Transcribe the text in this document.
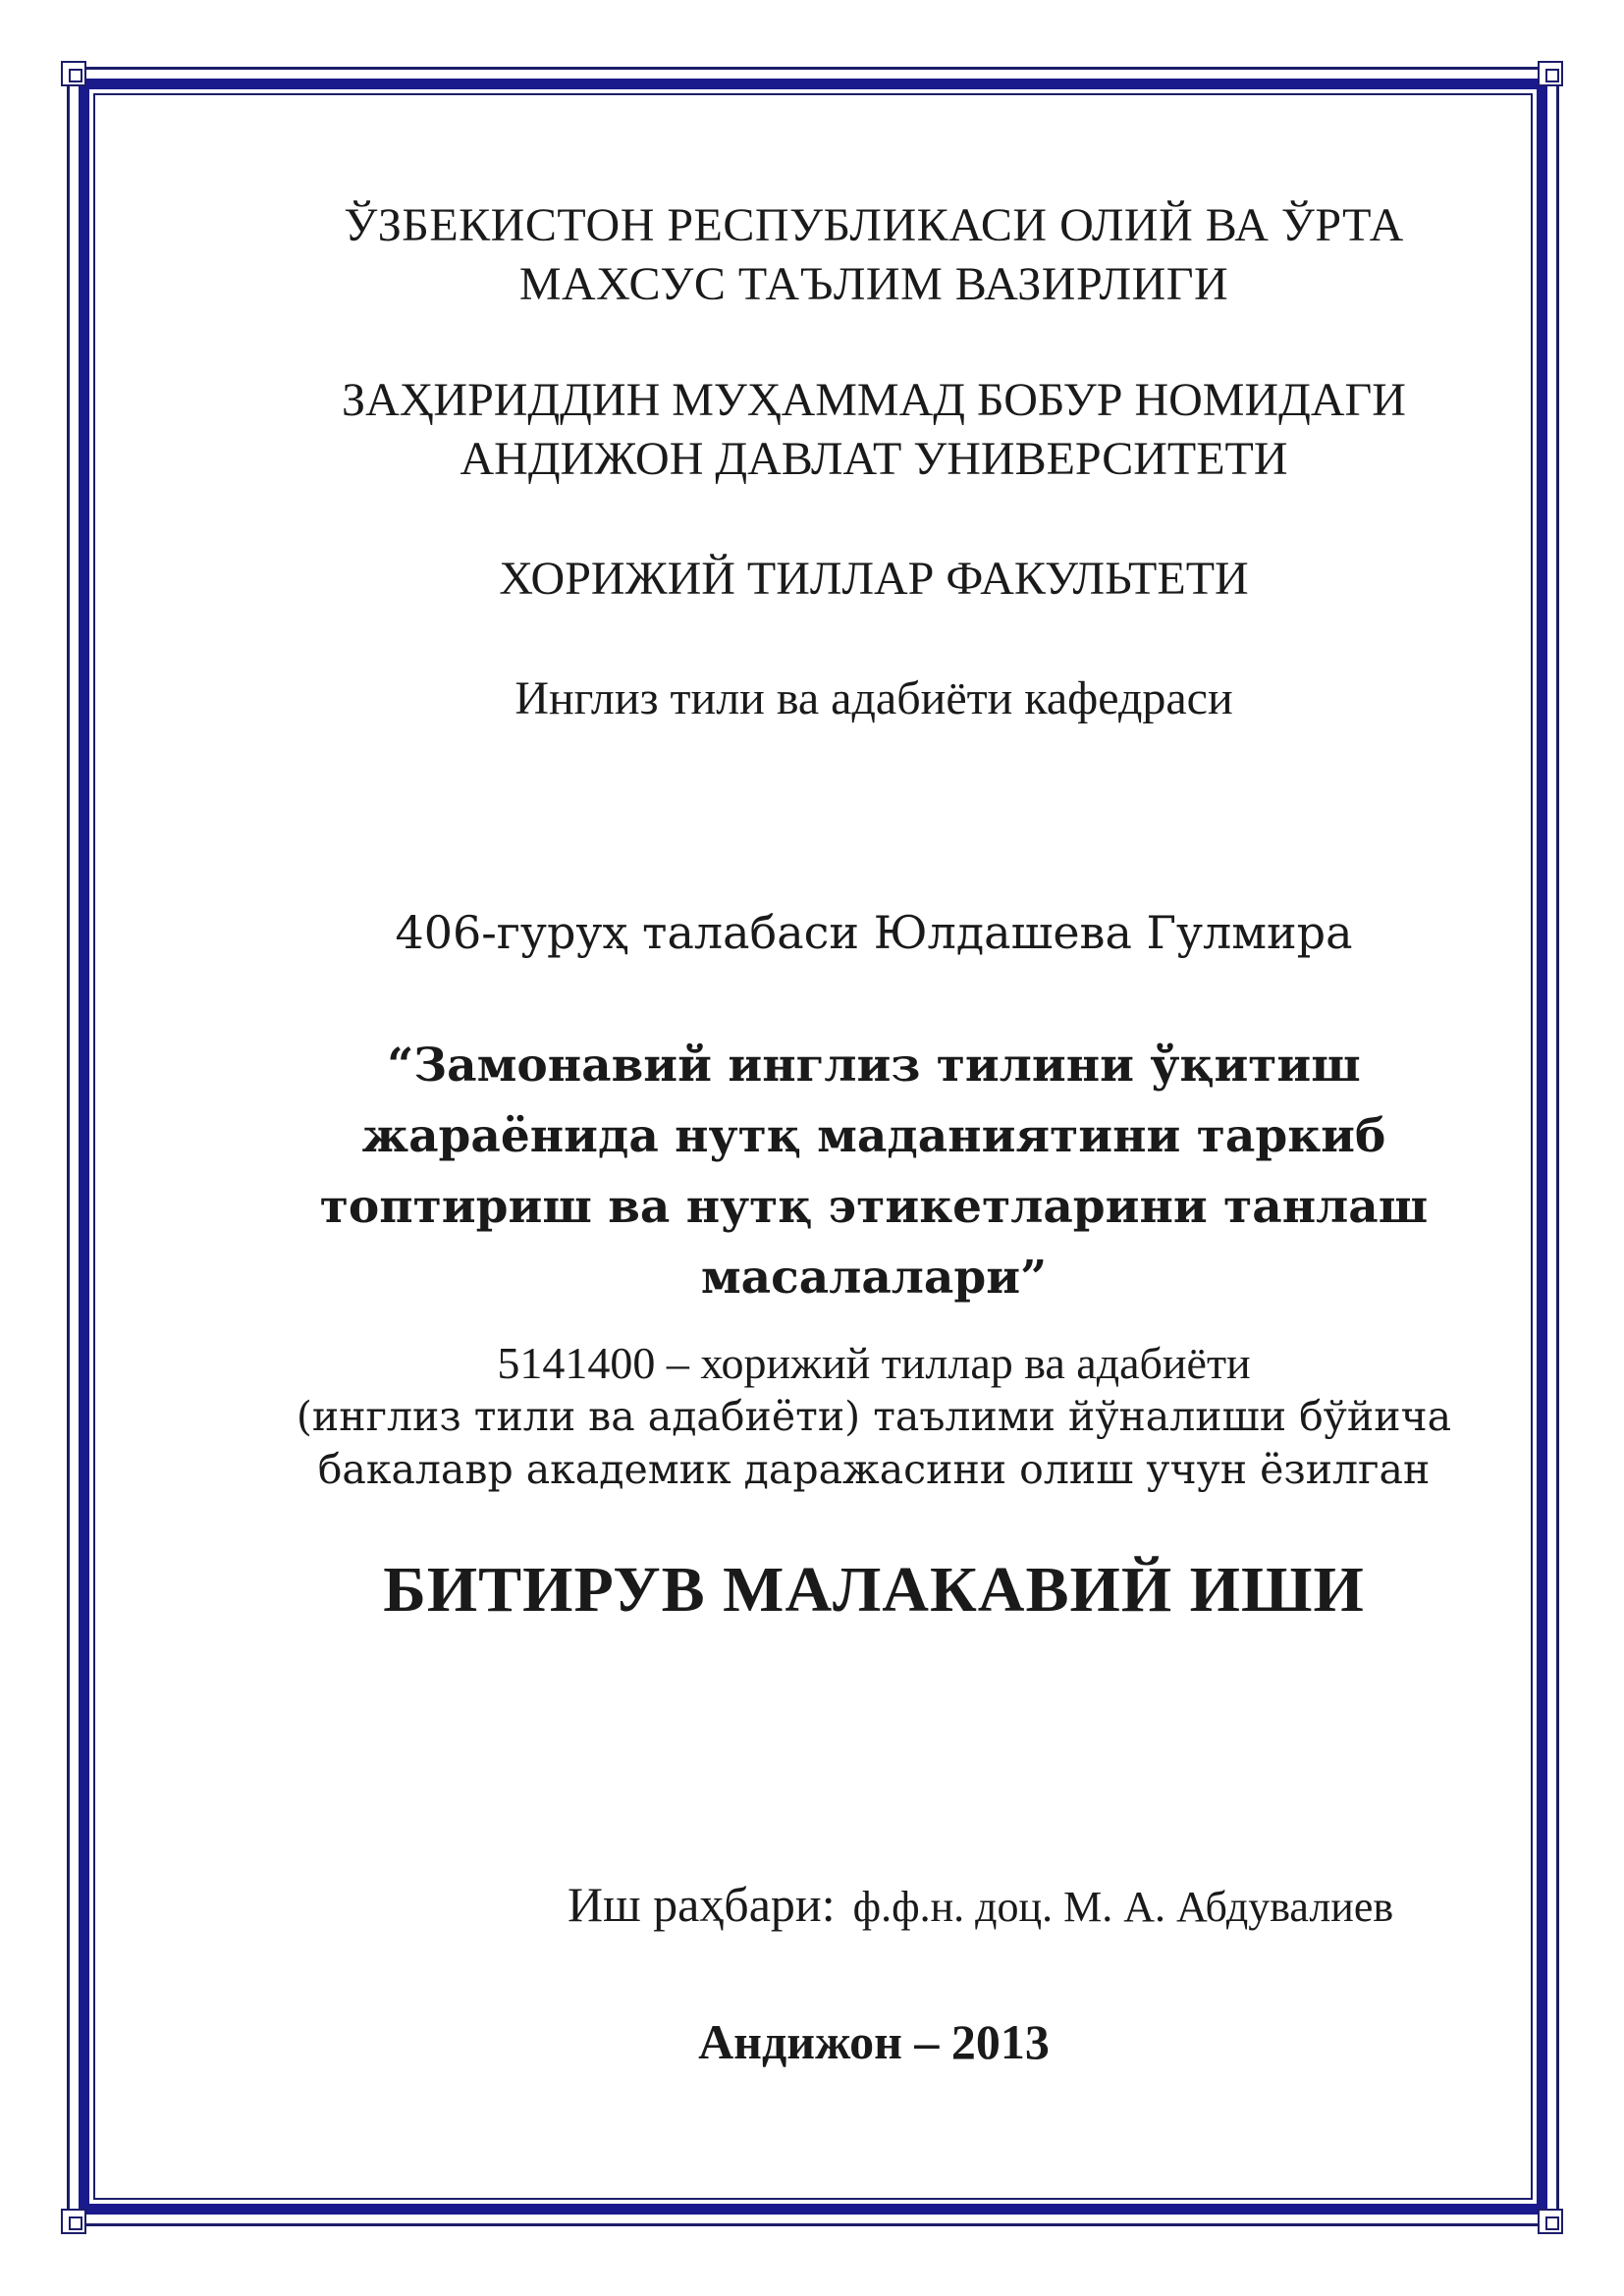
ЎЗБЕКИСТОН РЕСПУБЛИКАСИ ОЛИЙ ВА ЎРТА
МАХСУС ТАЪЛИМ ВАЗИРЛИГИ
ЗАҲИРИДДИН МУҲАММАД БОБУР НОМИДАГИ
АНДИЖОН ДАВЛАТ УНИВЕРСИТЕТИ
ХОРИЖИЙ ТИЛЛАР ФАКУЛЬТЕТИ
Инглиз тили ва адабиёти кафедраси
406-гуруҳ талабаси Юлдашева Гулмира
“Замонавий инглиз тилини ўқитиш
жараёнида нутқ маданиятини таркиб
топтириш ва нутқ этикетларини танлаш
масалалари”
5141400 – хорижий тиллар ва адабиёти
(инглиз тили ва адабиёти) таълими йўналиши бўйича
бакалавр академик даражасини олиш учун ёзилган
БИТИРУВ МАЛАКАВИЙ ИШИ
Иш раҳбари: ф.ф.н. доц. М. А. Абдувалиев
Андижон – 2013
